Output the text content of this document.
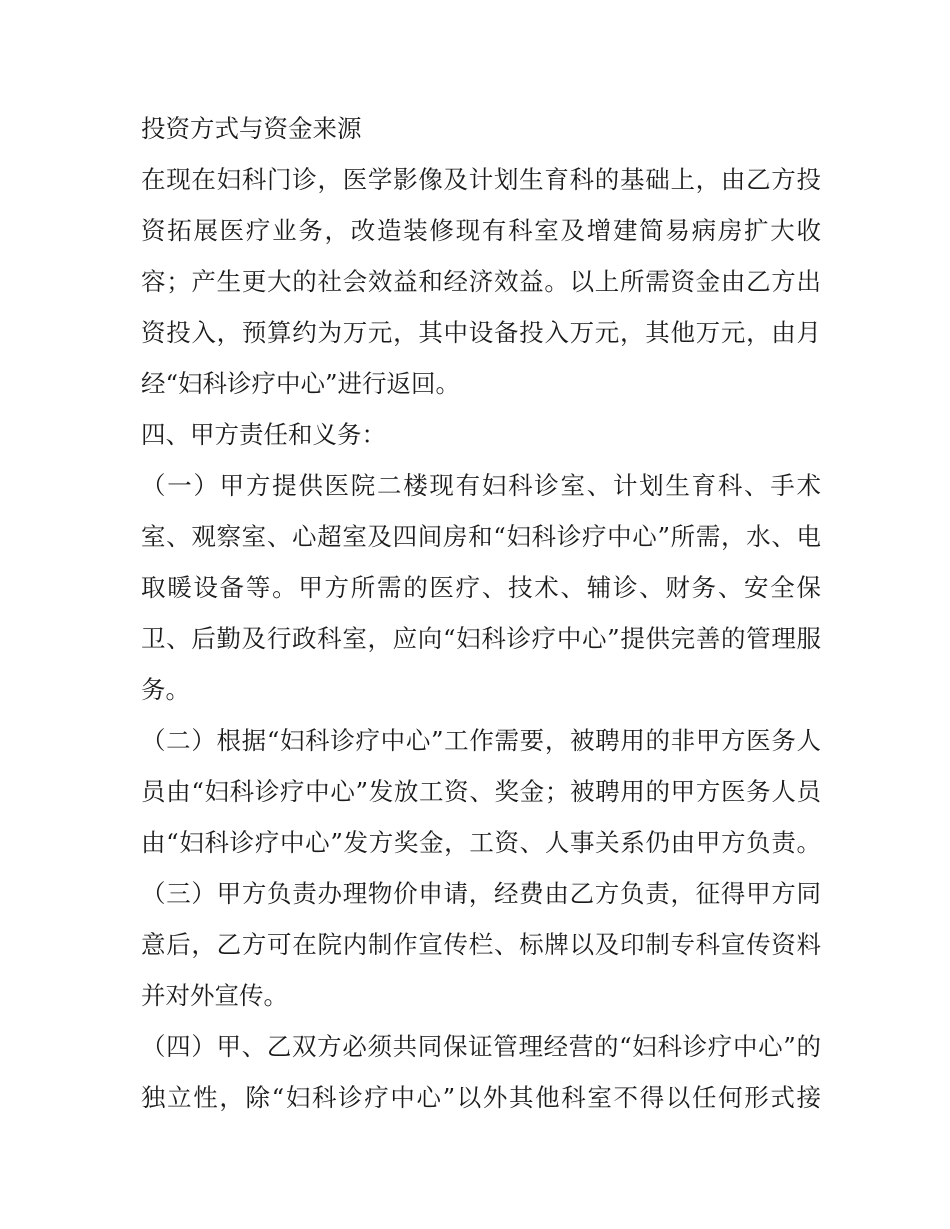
投资方式与资金来源
在现在妇科门诊，医学影像及计划生育科的基础上，由乙方投
资拓展医疗业务，改造装修现有科室及增建简易病房扩大收
容；产生更大的社会效益和经济效益。以上所需资金由乙方出
资投入，预算约为万元，其中设备投入万元，其他万元，由月
经“妇科诊疗中心”进行返回。
四、甲方责任和义务：
（一）甲方提供医院二楼现有妇科诊室、计划生育科、手术
室、观察室、心超室及四间房和“妇科诊疗中心”所需，水、电
取暖设备等。甲方所需的医疗、技术、辅诊、财务、安全保
卫、后勤及行政科室，应向“妇科诊疗中心”提供完善的管理服
务。
（二）根据“妇科诊疗中心”工作需要，被聘用的非甲方医务人
员由“妇科诊疗中心”发放工资、奖金；被聘用的甲方医务人员
由“妇科诊疗中心”发方奖金，工资、人事关系仍由甲方负责。
（三）甲方负责办理物价申请，经费由乙方负责，征得甲方同
意后，乙方可在院内制作宣传栏、标牌以及印制专科宣传资料
并对外宣传。
（四）甲、乙双方必须共同保证管理经营的“妇科诊疗中心”的
独立性，除“妇科诊疗中心”以外其他科室不得以任何形式接
